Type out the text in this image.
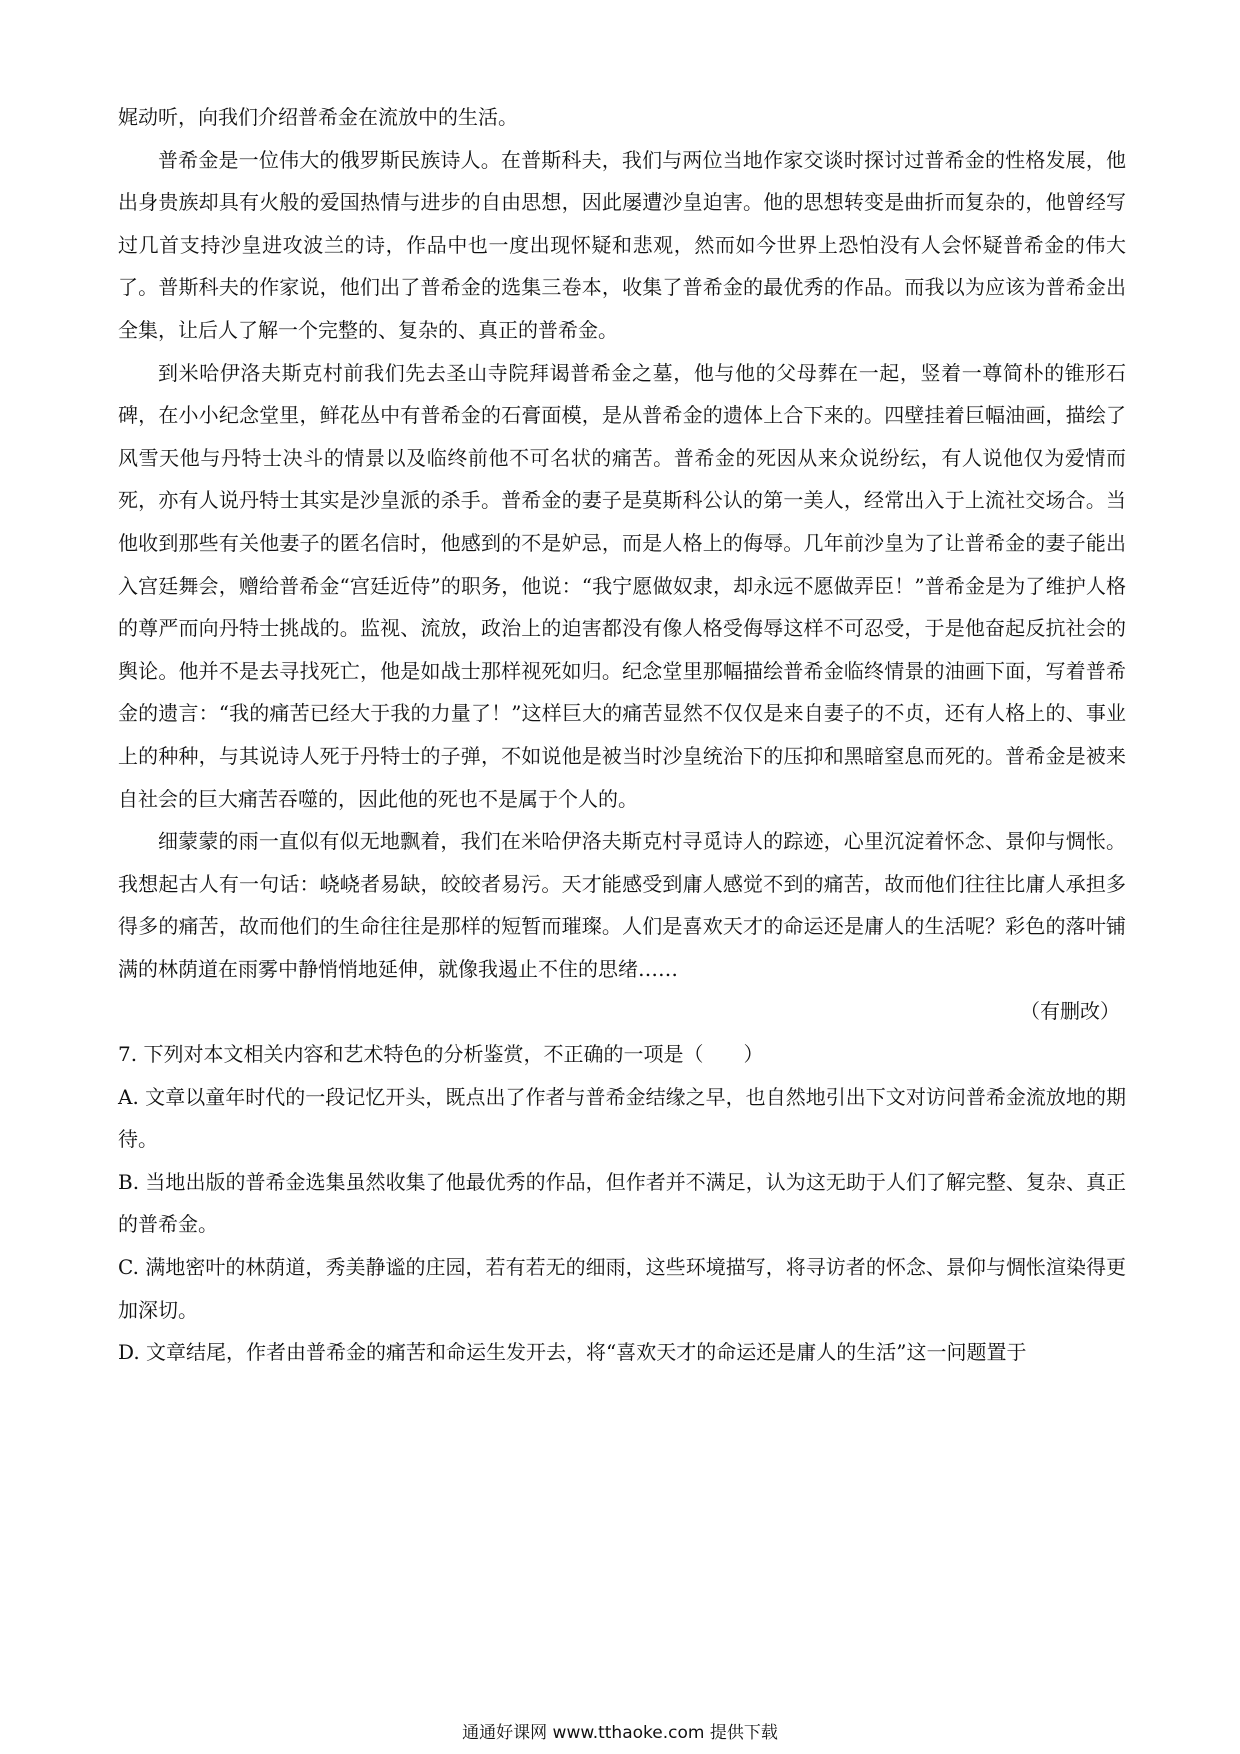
娓动听，向我们介绍普希金在流放中的生活。

普希金是一位伟大的俄罗斯民族诗人。在普斯科夫，我们与两位当地作家交谈时探讨过普希金的性格发展，他出身贵族却具有火般的爱国热情与进步的自由思想，因此屡遭沙皇迫害。他的思想转变是曲折而复杂的，他曾经写过几首支持沙皇进攻波兰的诗，作品中也一度出现怀疑和悲观，然而如今世界上恐怕没有人会怀疑普希金的伟大了。普斯科夫的作家说，他们出了普希金的选集三卷本，收集了普希金的最优秀的作品。而我以为应该为普希金出全集，让后人了解一个完整的、复杂的、真正的普希金。

到米哈伊洛夫斯克村前我们先去圣山寺院拜谒普希金之墓，他与他的父母葬在一起，竖着一尊简朴的锥形石碑，在小小纪念堂里，鲜花丛中有普希金的石膏面模，是从普希金的遗体上合下来的。四壁挂着巨幅油画，描绘了风雪天他与丹特士决斗的情景以及临终前他不可名状的痛苦。普希金的死因从来众说纷纭，有人说他仅为爱情而死，亦有人说丹特士其实是沙皇派的杀手。普希金的妻子是莫斯科公认的第一美人，经常出入于上流社交场合。当他收到那些有关他妻子的匿名信时，他感到的不是妒忌，而是人格上的侮辱。几年前沙皇为了让普希金的妻子能出入宫廷舞会，赠给普希金“宫廷近侍”的职务，他说：“我宁愿做奴隶，却永远不愿做弄臣！”普希金是为了维护人格的尊严而向丹特士挑战的。监视、流放，政治上的迫害都没有像人格受侮辱这样不可忍受，于是他奋起反抗社会的舆论。他并不是去寻找死亡，他是如战士那样视死如归。纪念堂里那幅描绘普希金临终情景的油画下面，写着普希金的遗言：“我的痛苦已经大于我的力量了！”这样巨大的痛苦显然不仅仅是来自妻子的不贞，还有人格上的、事业上的种种，与其说诗人死于丹特士的子弹，不如说他是被当时沙皇统治下的压抑和黑暗窒息而死的。普希金是被来自社会的巨大痛苦吞噬的，因此他的死也不是属于个人的。

细蒙蒙的雨一直似有似无地飘着，我们在米哈伊洛夫斯克村寻觅诗人的踪迹，心里沉淀着怀念、景仰与惆怅。我想起古人有一句话：峣峣者易缺，皎皎者易污。天才能感受到庸人感觉不到的痛苦，故而他们往往比庸人承担多得多的痛苦，故而他们的生命往往是那样的短暂而璀璨。人们是喜欢天才的命运还是庸人的生活呢？彩色的落叶铺满的林荫道在雨雾中静悄悄地延伸，就像我遏止不住的思绪……

（有删改）

7. 下列对本文相关内容和艺术特色的分析鉴赏，不正确的一项是（　　）

A. 文章以童年时代的一段记忆开头，既点出了作者与普希金结缘之早，也自然地引出下文对访问普希金流放地的期待。

B. 当地出版的普希金选集虽然收集了他最优秀的作品，但作者并不满足，认为这无助于人们了解完整、复杂、真正的普希金。

C. 满地密叶的林荫道，秀美静谧的庄园，若有若无的细雨，这些环境描写，将寻访者的怀念、景仰与惆怅渲染得更加深切。

D. 文章结尾，作者由普希金的痛苦和命运生发开去，将“喜欢天才的命运还是庸人的生活”这一问题置于

通通好课网 www.tthaoke.com 提供下载
